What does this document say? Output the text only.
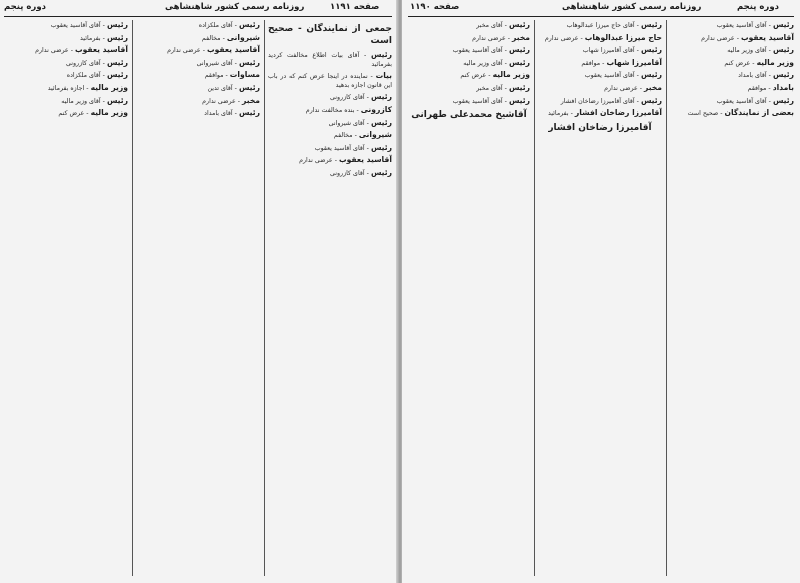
دوره پنجم	روزنامه رسمی کشور شاهنشاهی	صفحه ۱۱۹۱
جمعی از نمایندگان - صحیح است

رئیس - آقای بیات اطلاع مخالفت کردید بفرمائید

بیات - نماینده در اینجا عرض کنم که در باب این قانون اجازه بدهید

رئیس - آقای کازرونی

کازرونی - بنده مخالفت ندارم

رئیس - آقای شیروانی

شیروانی - مخالفم

رئیس - آقای آقاسید یعقوب

آقاسید یعقوب - عرضی ندارم

رئیس - آقای کازرونی

رئیس - آقای ملکزاده

شیروانی - مخالفم

آقاسید یعقوب - عرضی ندارم

رئیس - آقای شیروانی

مساوات - موافقم

رئیس - آقای تدین

مخبر - عرضی ندارم

رئیس - آقای بامداد

رئیس - آقای آقاسید یعقوب

رئیس - بفرمائید

آقاسید یعقوب - عرضی ندارم

رئیس - آقای کازرونی

رئیس - آقای ملکزاده

وزیر مالیه - اجازه بفرمائید

رئیس - آقای وزیر مالیه

وزیر مالیه - عرض کنم

صفحه ۱۱۹۰	روزنامه رسمی کشور شاهنشاهی	دوره پنجم

رئیس - آقای آقاسید یعقوب

آقاسید یعقوب - عرضی ندارم

رئیس - آقای وزیر مالیه

وزیر مالیه - عرض کنم

رئیس - آقای بامداد

بامداد - موافقم

رئیس - آقای آقاسید یعقوب

بعضی از نمایندگان - صحیح است

رئیس - آقای حاج میرزا عبدالوهاب

حاج میرزا عبدالوهاب - عرضی ندارم

رئیس - آقای آقامیرزا شهاب

آقامیرزا شهاب - موافقم

رئیس - آقای آقاسید یعقوب

مخبر - عرضی ندارم

رئیس - آقای آقامیرزا رضاخان افشار

آقامیرزا رضاخان افشار - بفرمائید

آقامیرزا رضاخان افشار

رئیس - آقای مخبر

مخبر - عرضی ندارم

رئیس - آقای آقاسید یعقوب

رئیس - آقای وزیر مالیه

وزیر مالیه - عرض کنم

رئیس - آقای مخبر

رئیس - آقای آقاسید یعقوب

آقاشیخ محمدعلی طهرانی
